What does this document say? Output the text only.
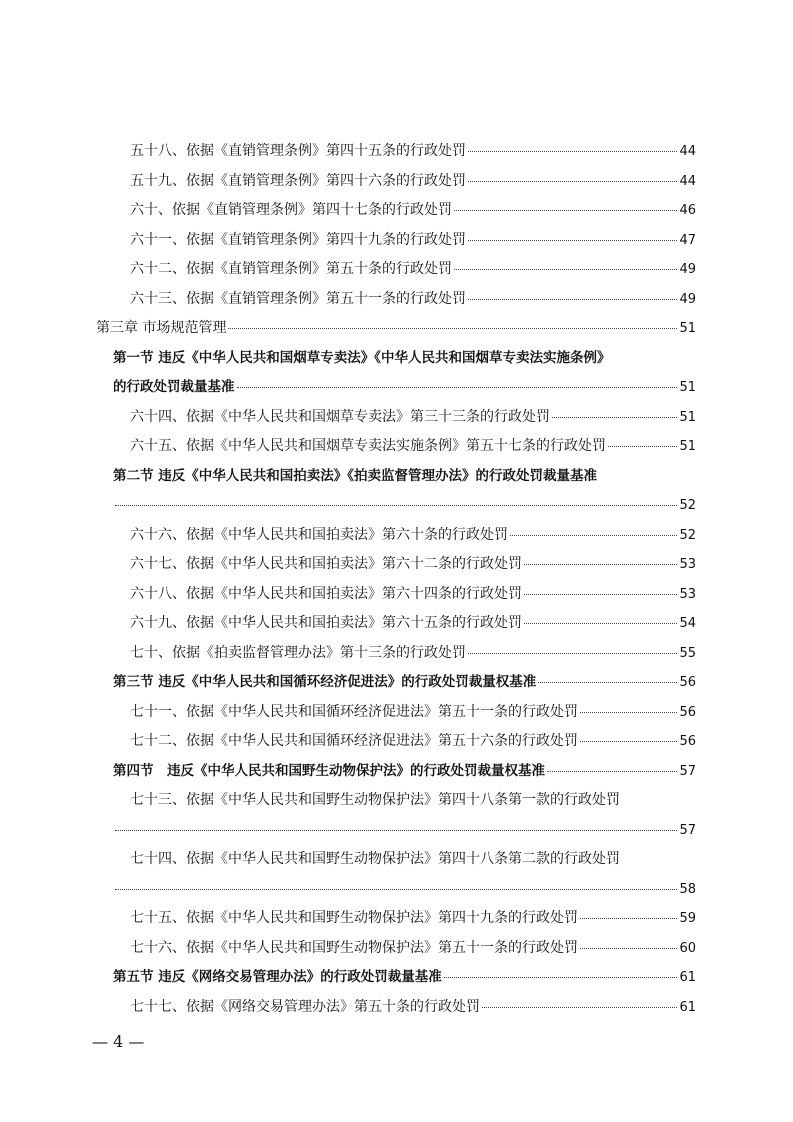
五十八、依据《直销管理条例》第四十五条的行政处罚	44
五十九、依据《直销管理条例》第四十六条的行政处罚	44
六十、依据《直销管理条例》第四十七条的行政处罚	46
六十一、依据《直销管理条例》第四十九条的行政处罚	47
六十二、依据《直销管理条例》第五十条的行政处罚	49
六十三、依据《直销管理条例》第五十一条的行政处罚	49
第三章 市场规范管理	51
第一节 违反《中华人民共和国烟草专卖法》《中华人民共和国烟草专卖法实施条例》
的行政处罚裁量基准	51
六十四、依据《中华人民共和国烟草专卖法》第三十三条的行政处罚	51
六十五、依据《中华人民共和国烟草专卖法实施条例》第五十七条的行政处罚	51
第二节 违反《中华人民共和国拍卖法》《拍卖监督管理办法》的行政处罚裁量基准
52
六十六、依据《中华人民共和国拍卖法》第六十条的行政处罚	52
六十七、依据《中华人民共和国拍卖法》第六十二条的行政处罚	53
六十八、依据《中华人民共和国拍卖法》第六十四条的行政处罚	53
六十九、依据《中华人民共和国拍卖法》第六十五条的行政处罚	54
七十、依据《拍卖监督管理办法》第十三条的行政处罚	55
第三节 违反《中华人民共和国循环经济促进法》的行政处罚裁量权基准	56
七十一、依据《中华人民共和国循环经济促进法》第五十一条的行政处罚	56
七十二、依据《中华人民共和国循环经济促进法》第五十六条的行政处罚	56
第四节　违反《中华人民共和国野生动物保护法》的行政处罚裁量权基准	57
七十三、依据《中华人民共和国野生动物保护法》第四十八条第一款的行政处罚
57
七十四、依据《中华人民共和国野生动物保护法》第四十八条第二款的行政处罚
58
七十五、依据《中华人民共和国野生动物保护法》第四十九条的行政处罚	59
七十六、依据《中华人民共和国野生动物保护法》第五十一条的行政处罚	60
第五节 违反《网络交易管理办法》的行政处罚裁量基准	61
七十七、依据《网络交易管理办法》第五十条的行政处罚	61
— 4 —
